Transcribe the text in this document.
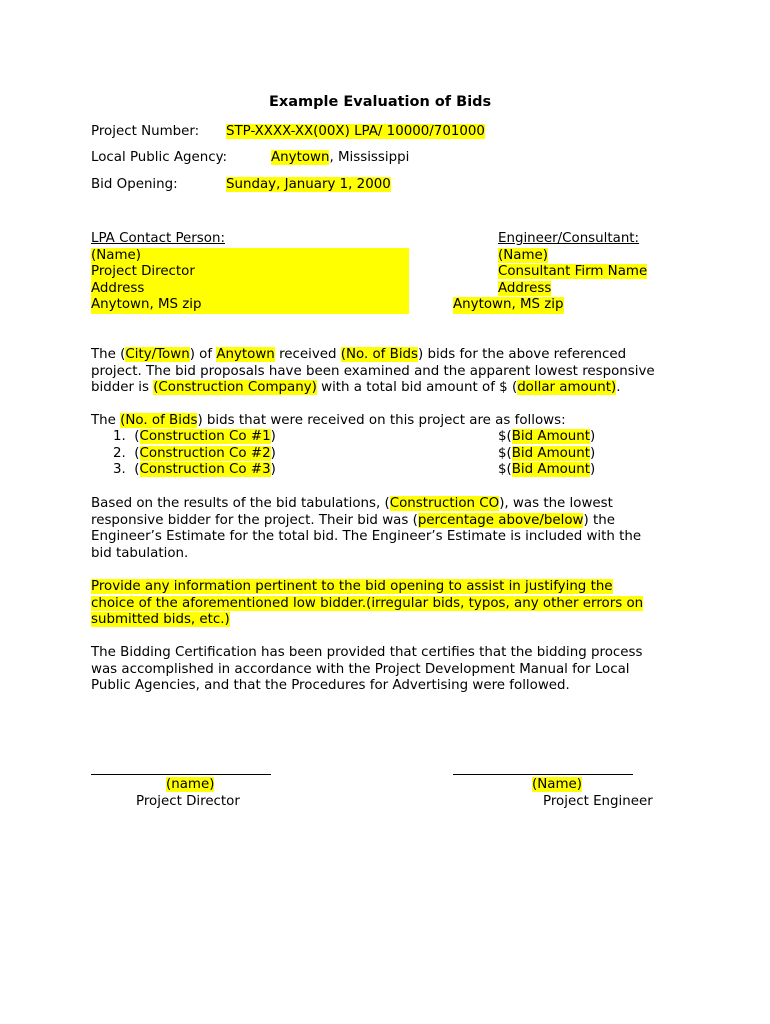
Example Evaluation of Bids
Project Number: STP-XXXX-XX(00X) LPA/ 10000/701000
Local Public Agency:	Anytown, Mississippi
Bid Opening:	Sunday, January 1, 2000
LPA Contact Person:
(Name)
Project Director
Address
Anytown, MS zip
Engineer/Consultant:
(Name)
Consultant Firm Name
Address
Anytown, MS zip
The (City/Town) of Anytown received (No. of Bids) bids for the above referenced
project. The bid proposals have been examined and the apparent lowest responsive
bidder is (Construction Company) with a total bid amount of $ (dollar amount).
The (No. of Bids) bids that were received on this project are as follows:
1. (Construction Co #1)
2. (Construction Co #2)
3. (Construction Co #3)
$(Bid Amount)
$(Bid Amount)
$(Bid Amount)
Based on the results of the bid tabulations, (Construction CO), was the lowest
responsive bidder for the project. Their bid was (percentage above/below) the
Engineer’s Estimate for the total bid. The Engineer’s Estimate is included with the
bid tabulation.
Provide any information pertinent to the bid opening to assist in justifying the
choice of the aforementioned low bidder.(irregular bids, typos, any other errors on
submitted bids, etc.)
The Bidding Certification has been provided that certifies that the bidding process
was accomplished in accordance with the Project Development Manual for Local
Public Agencies, and that the Procedures for Advertising were followed.
(name)
Project Director
(Name)
Project Engineer
